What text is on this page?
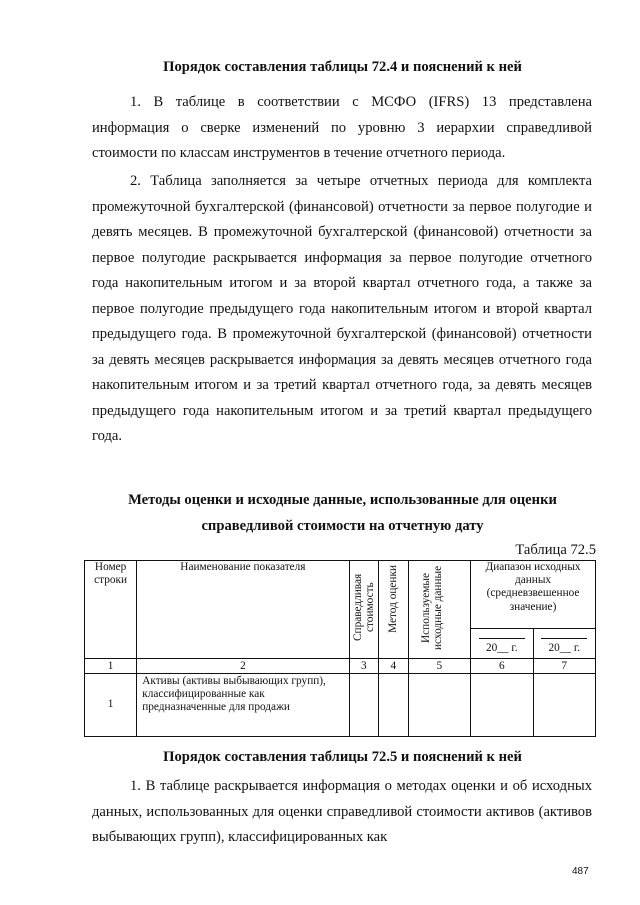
Порядок составления таблицы 72.4 и пояснений к ней

1. В таблице в соответствии с МСФО (IFRS) 13 представлена информация о сверке изменений по уровню 3 иерархии справедливой стоимости по классам инструментов в течение отчетного периода.

2. Таблица заполняется за четыре отчетных периода для комплекта промежуточной бухгалтерской (финансовой) отчетности за первое полугодие и девять месяцев. В промежуточной бухгалтерской (финансовой) отчетности за первое полугодие раскрывается информация за первое полугодие отчетного года накопительным итогом и за второй квартал отчетного года, а также за первое полугодие предыдущего года накопительным итогом и второй квартал предыдущего года. В промежуточной бухгалтерской (финансовой) отчетности за девять месяцев раскрывается информация за девять месяцев отчетного года накопительным итогом и за третий квартал отчетного года, за девять месяцев предыдущего года накопительным итогом и за третий квартал предыдущего года.

Методы оценки и исходные данные, использованные для оценки

справедливой стоимости на отчетную дату

Таблица 72.5
Номер строки	Наименование показателя	Справедливая стоимость	Метод оценки	Используемые исходные данные	Диапазон исходных данных (средневзвешенное значение)	
					20__ г.	20__ г.
1	2	3	4	5	6	7
1	Активы (активы выбывающих групп), классифицированные как предназначенные для продажи					

Порядок составления таблицы 72.5 и пояснений к ней

1. В таблице раскрывается информация о методах оценки и об исходных данных, использованных для оценки справедливой стоимости активов (активов выбывающих групп), классифицированных как

487
